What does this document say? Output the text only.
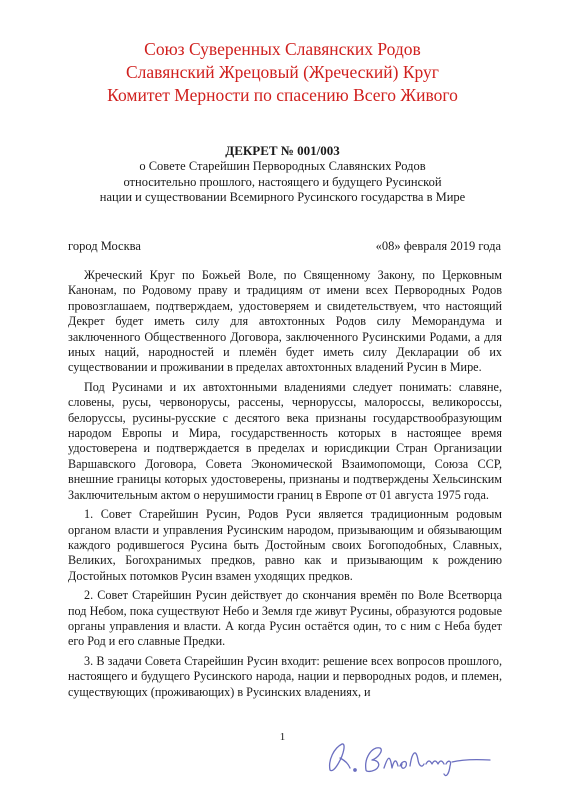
Союз Суверенных Славянских Родов
Славянский Жрецовый (Жреческий) Круг
Комитет Мерности по спасению Всего Живого
ДЕКРЕТ № 001/003
о Совете Старейшин Первородных Славянских Родов
относительно прошлого, настоящего и будущего Русинской
нации и существовании Всемирного Русинского государства в Мире
город Москва	«08» февраля 2019 года

Жреческий Круг по Божьей Воле, по Священному Закону, по Церковным Канонам, по Родовому праву и традициям от имени всех Первородных Родов провозглашаем, подтверждаем, удостоверяем и свидетельствуем, что настоящий Декрет будет иметь силу для автохтонных Родов силу Меморандума и заключенного Общественного Договора, заключенного Русинскими Родами, а для иных наций, народностей и племён будет иметь силу Декларации об их существовании и проживании в пределах автохтонных владений Русин в Мире.

Под Русинами и их автохтонными владениями следует понимать: славяне, словены, русы, червонорусы, рассены, черноруссы, малороссы, великороссы, белоруссы, русины-русские с десятого века признаны государствообразующим народом Европы и Мира, государственность которых в настоящее время удостоверена и подтверждается в пределах и юрисдикции Стран Организации Варшавского Договора, Совета Экономической Взаимопомощи, Союза ССР, внешние границы которых удостоверены, признаны и подтверждены Хельсинским Заключительным актом о нерушимости границ в Европе от 01 августа 1975 года.

1. Совет Старейшин Русин, Родов Руси является традиционным родовым органом власти и управления Русинским народом, призывающим и обязывающим каждого родившегося Русина быть Достойным своих Богоподобных, Славных, Великих, Богохранимых предков, равно как и призывающим к рождению Достойных потомков Русин взамен уходящих предков.

2. Совет Старейшин Русин действует до скончания времён по Воле Всетворца под Небом, пока существуют Небо и Земля где живут Русины, образуются родовые органы управления и власти. А когда Русин остаётся один, то с ним с Неба будет его Род и его славные Предки.

3. В задачи Совета Старейшин Русин входит: решение всех вопросов прошлого, настоящего и будущего Русинского народа, нации и первородных родов, и племен, существующих (проживающих) в Русинских владениях, и

1
